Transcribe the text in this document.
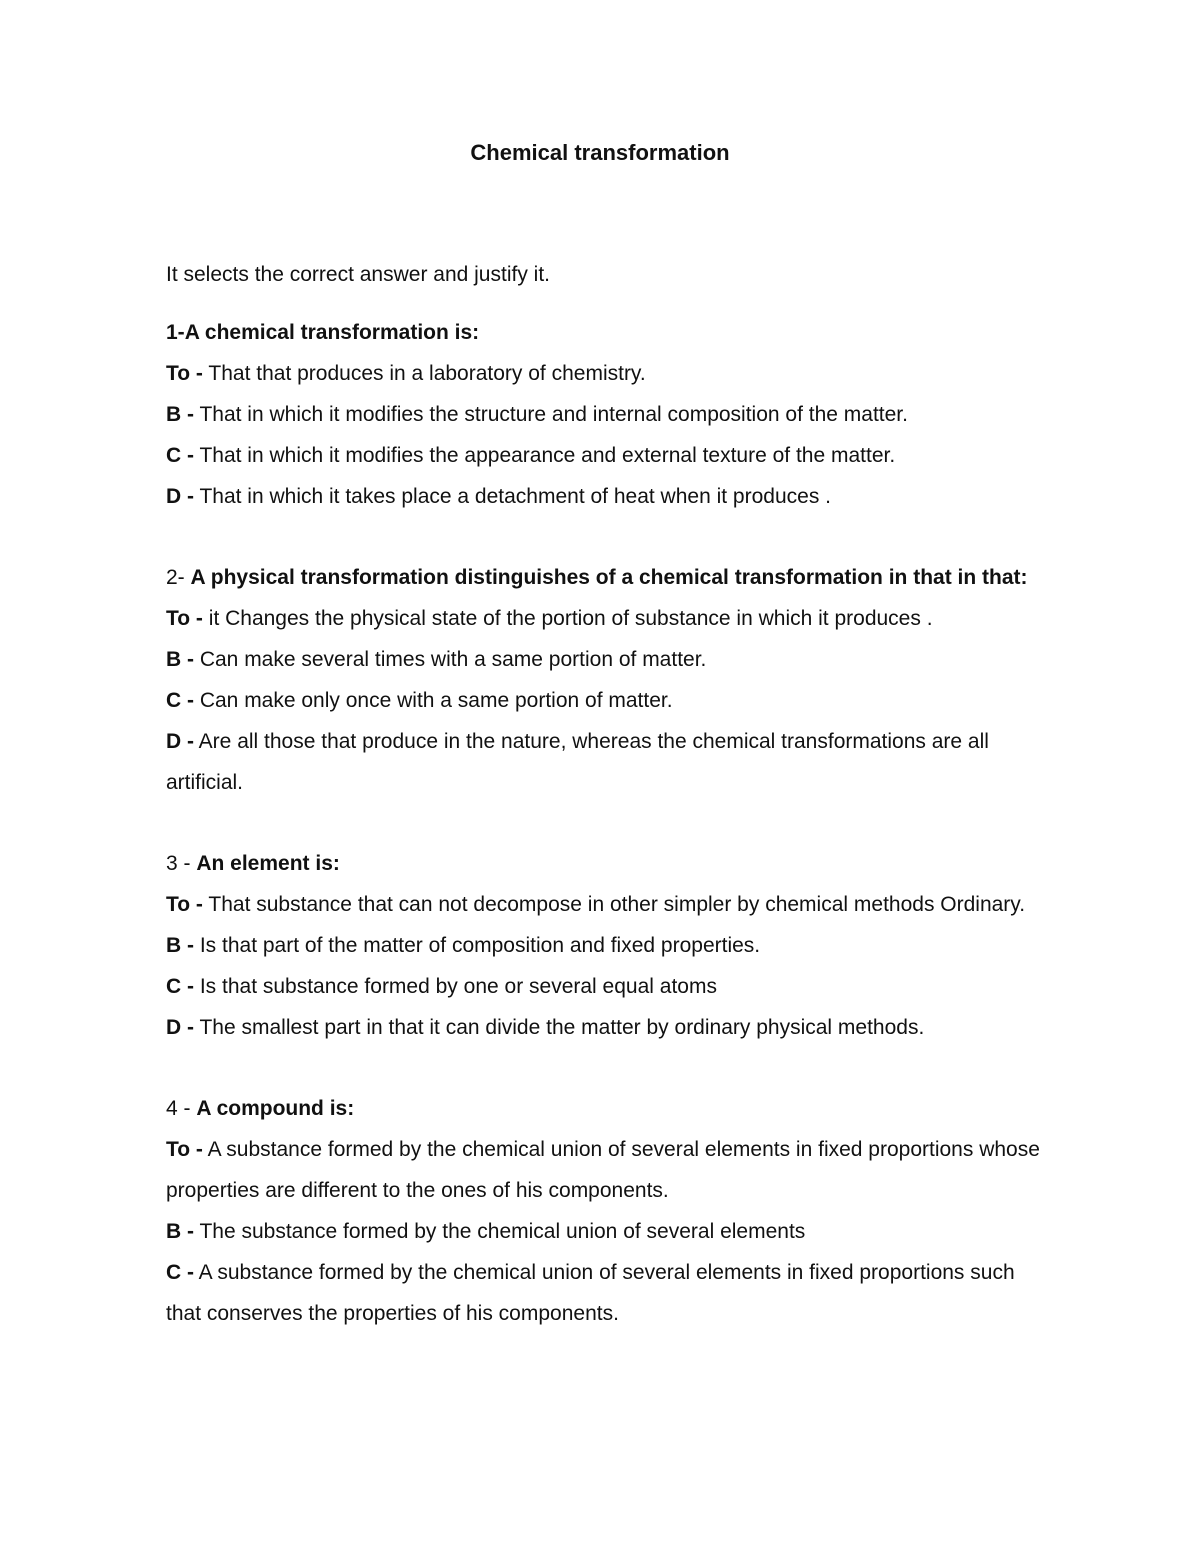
Chemical transformation

It selects the correct answer and justify it.

1-A chemical transformation is:

To - That that produces in a laboratory of chemistry.

B - That in which it modifies the structure and internal composition of the matter.

C - That in which it modifies the appearance and external texture of the matter.

D - That in which it takes place a detachment of heat when it produces .

2- A physical transformation distinguishes of a chemical transformation in that in that:

To - it Changes the physical state of the portion of substance in which it produces .

B - Can make several times with a same portion of matter.

C - Can make only once with a same portion of matter.

D - Are all those that produce in the nature, whereas the chemical transformations are all artificial.

3 - An element is:

To - That substance that can not decompose in other simpler by chemical methods Ordinary.

B - Is that part of the matter of composition and fixed properties.

C - Is that substance formed by one or several equal atoms

D - The smallest part in that it can divide the matter by ordinary physical methods.

4 - A compound is:

To - A substance formed by the chemical union of several elements in fixed proportions whose properties are different to the ones of his components.

B - The substance formed by the chemical union of several elements

C - A substance formed by the chemical union of several elements in fixed proportions such that conserves the properties of his components.
